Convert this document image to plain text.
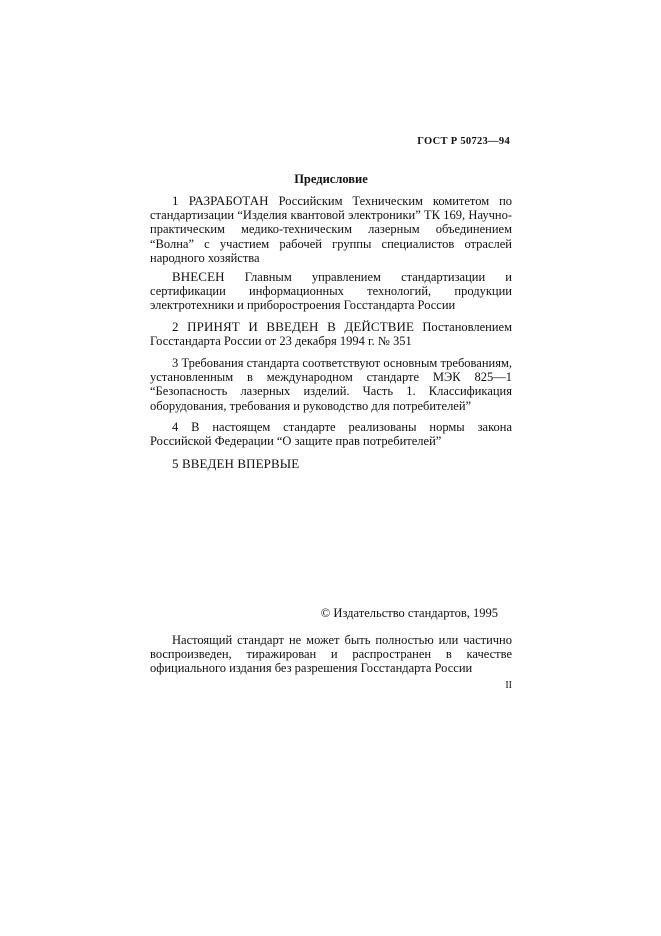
ГОСТ Р 50723—94
Предисловие

1 РАЗРАБОТАН Российским Техническим комитетом по стандартизации “Изделия квантовой электроники” ТК 169, Научно-практическим медико-техническим лазерным объединением “Волна” с участием рабочей группы специалистов отраслей народного хозяйства

ВНЕСЕН Главным управлением стандартизации и сертификации информационных технологий, продукции электротехники и приборостроения Госстандарта России

2 ПРИНЯТ И ВВЕДЕН В ДЕЙСТВИЕ Постановлением Госстандарта России от 23 декабря 1994 г. № 351

3 Требования стандарта соответствуют основным требованиям, установленным в международном стандарте МЭК 825—1 “Безопасность лазерных изделий. Часть 1. Классификация оборудования, требования и руководство для потребителей”

4 В настоящем стандарте реализованы нормы закона Российской Федерации “О защите прав потребителей”

5 ВВЕДЕН ВПЕРВЫЕ

© Издательство стандартов, 1995

Настоящий стандарт не может быть полностью или частично воспроизведен, тиражирован и распространен в качестве официального издания без разрешения Госстандарта России

II
